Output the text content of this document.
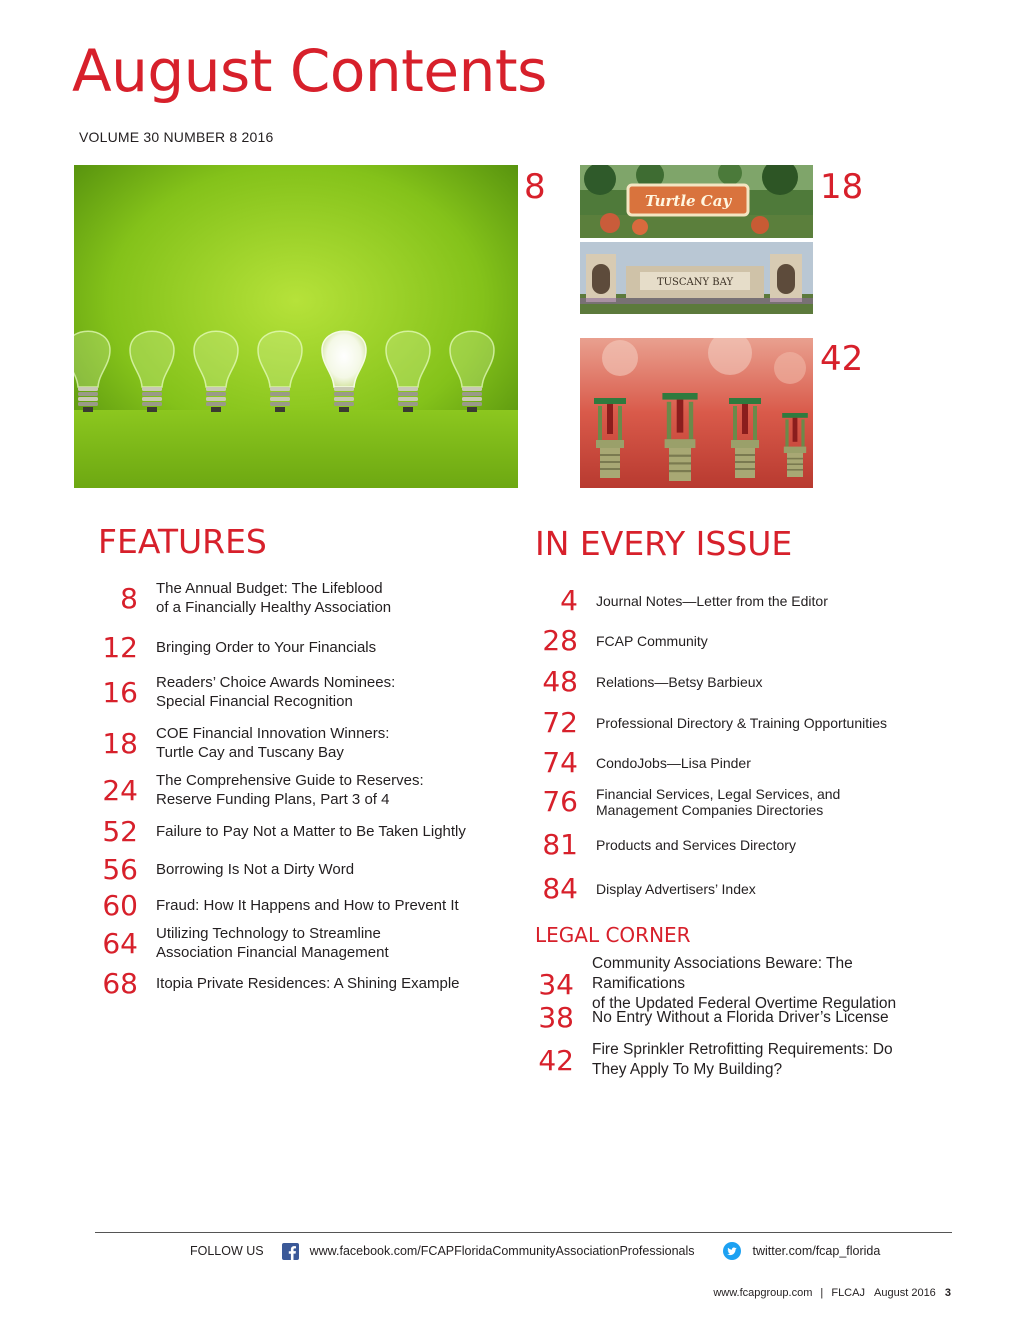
August Contents
VOLUME 30 NUMBER 8 2016
8	Turtle Cay	18
TUSCANY BAY
42
FEATURES
8 The Annual Budget: The Lifeblood
of a Financially Healthy Association
12 Bringing Order to Your Financials
16 Readers’ Choice Awards Nominees:
Special Financial Recognition
18 COE Financial Innovation Winners:
Turtle Cay and Tuscany Bay
24 The Comprehensive Guide to Reserves:
Reserve Funding Plans, Part 3 of 4
52 Failure to Pay Not a Matter to Be Taken Lightly
56 Borrowing Is Not a Dirty Word
60 Fraud: How It Happens and How to Prevent It
64 Utilizing Technology to Streamline
Association Financial Management
68 Itopia Private Residences: A Shining Example
IN EVERY ISSUE
4 Journal Notes—Letter from the Editor
28 FCAP Community
48 Relations—Betsy Barbieux
72 Professional Directory & Training Opportunities
74 CondoJobs—Lisa Pinder
76 Financial Services, Legal Services, and
Management Companies Directories
81 Products and Services Directory
84 Display Advertisers’ Index
LEGAL CORNER
34
Community Associations Beware: The Ramifications
of the Updated Federal Overtime Regulation
38 No Entry Without a Florida Driver’s License
42 Fire Sprinkler Retrofitting Requirements: Do
They Apply To My Building?
FOLLOW US	www.facebook.com/FCAPFloridaCommunityAssociationProfessionals	twitter.com/fcap_florida
www.fcapgroup.com | FLCAJ August 2016 3
